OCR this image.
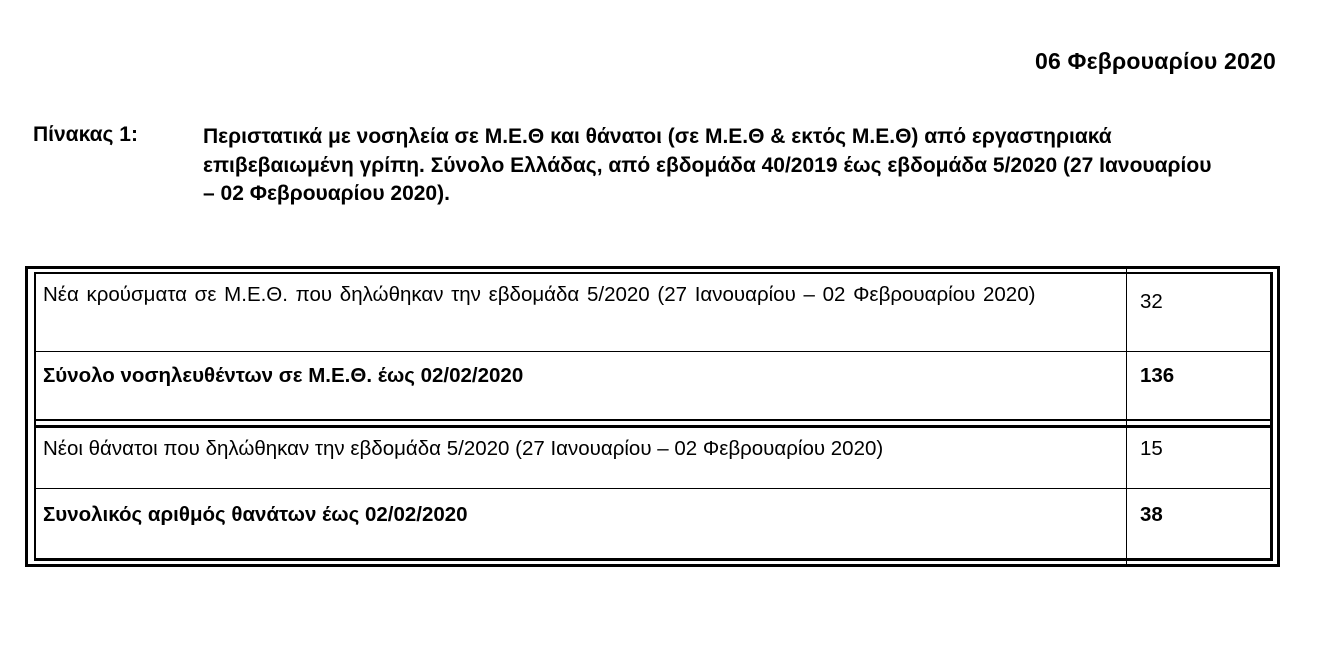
06 Φεβρουαρίου 2020
Πίνακας 1:	Περιστατικά με νοσηλεία σε Μ.Ε.Θ και θάνατοι (σε Μ.Ε.Θ & εκτός Μ.Ε.Θ) από εργαστηριακά επιβεβαιωμένη γρίπη. Σύνολο Ελλάδας, από εβδομάδα 40/2019 έως εβδομάδα 5/2020 (27 Ιανουαρίου – 02 Φεβρουαρίου 2020).
Νέα κρούσματα σε Μ.Ε.Θ. που δηλώθηκαν την εβδομάδα 5/2020 (27 Ιανουαρίου – 02 Φεβρουαρίου 2020)	32
Σύνολο νοσηλευθέντων σε Μ.Ε.Θ. έως 02/02/2020	136
Νέοι θάνατοι που δηλώθηκαν την εβδομάδα 5/2020 (27 Ιανουαρίου – 02 Φεβρουαρίου 2020)	15
Συνολικός αριθμός θανάτων έως 02/02/2020	38
